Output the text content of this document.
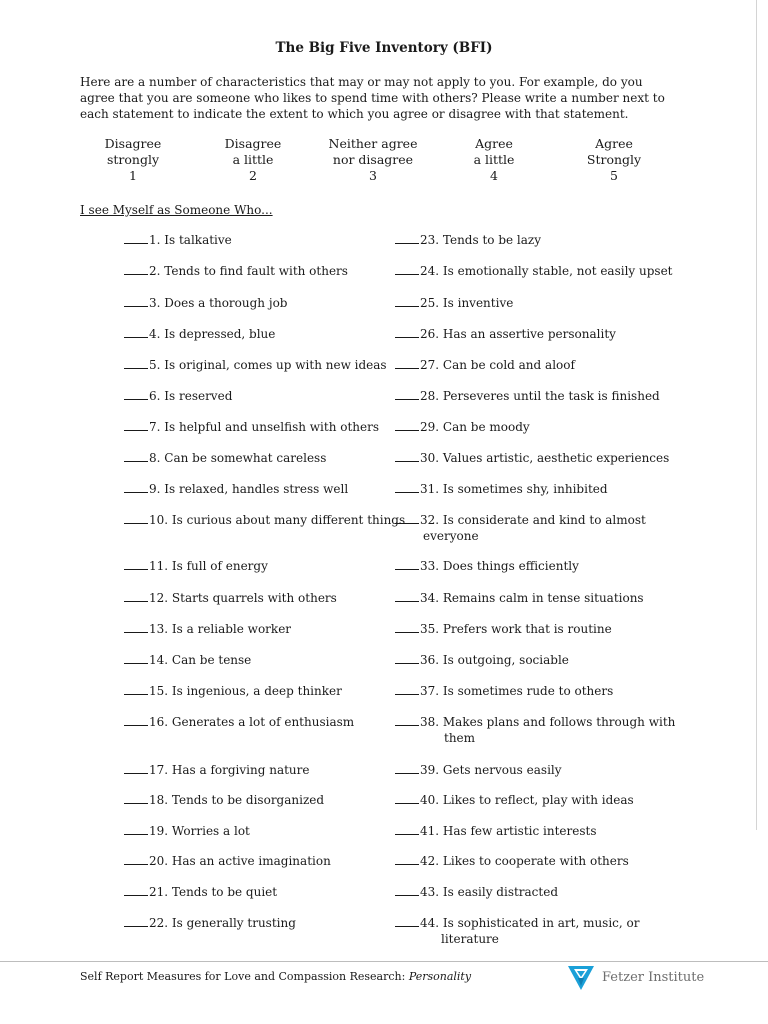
The Big Five Inventory (BFI)
Here are a number of characteristics that may or may not apply to you. For example, do you agree that you are someone who likes to spend time with others? Please write a number next to each statement to indicate the extent to which you agree or disagree with that statement.
Disagree
strongly
1
Disagree
a little
2
Neither agree
nor disagree
3
Agree
a little
4
Agree
Strongly
5
I see Myself as Someone Who...
1. Is talkative
2. Tends to find fault with others
3. Does a thorough job
4. Is depressed, blue
5. Is original, comes up with new ideas
6. Is reserved
7. Is helpful and unselfish with others
8. Can be somewhat careless
9. Is relaxed, handles stress well
10. Is curious about many different things
11. Is full of energy
12. Starts quarrels with others
13. Is a reliable worker
14. Can be tense
15. Is ingenious, a deep thinker
16. Generates a lot of enthusiasm
17. Has a forgiving nature
18. Tends to be disorganized
19. Worries a lot
20. Has an active imagination
21. Tends to be quiet
22. Is generally trusting
23. Tends to be lazy
24. Is emotionally stable, not easily upset
25. Is inventive
26. Has an assertive personality
27. Can be cold and aloof
28. Perseveres until the task is finished
29. Can be moody
30. Values artistic, aesthetic experiences
31. Is sometimes shy, inhibited
32. Is considerate and kind to almost
everyone
33. Does things efficiently
34. Remains calm in tense situations
35. Prefers work that is routine
36. Is outgoing, sociable
37. Is sometimes rude to others
38. Makes plans and follows through with
them
39. Gets nervous easily
40. Likes to reflect, play with ideas
41. Has few artistic interests
42. Likes to cooperate with others
43. Is easily distracted
44. Is sophisticated in art, music, or
literature
Self Report Measures for Love and Compassion Research: Personality	Fetzer Institute
